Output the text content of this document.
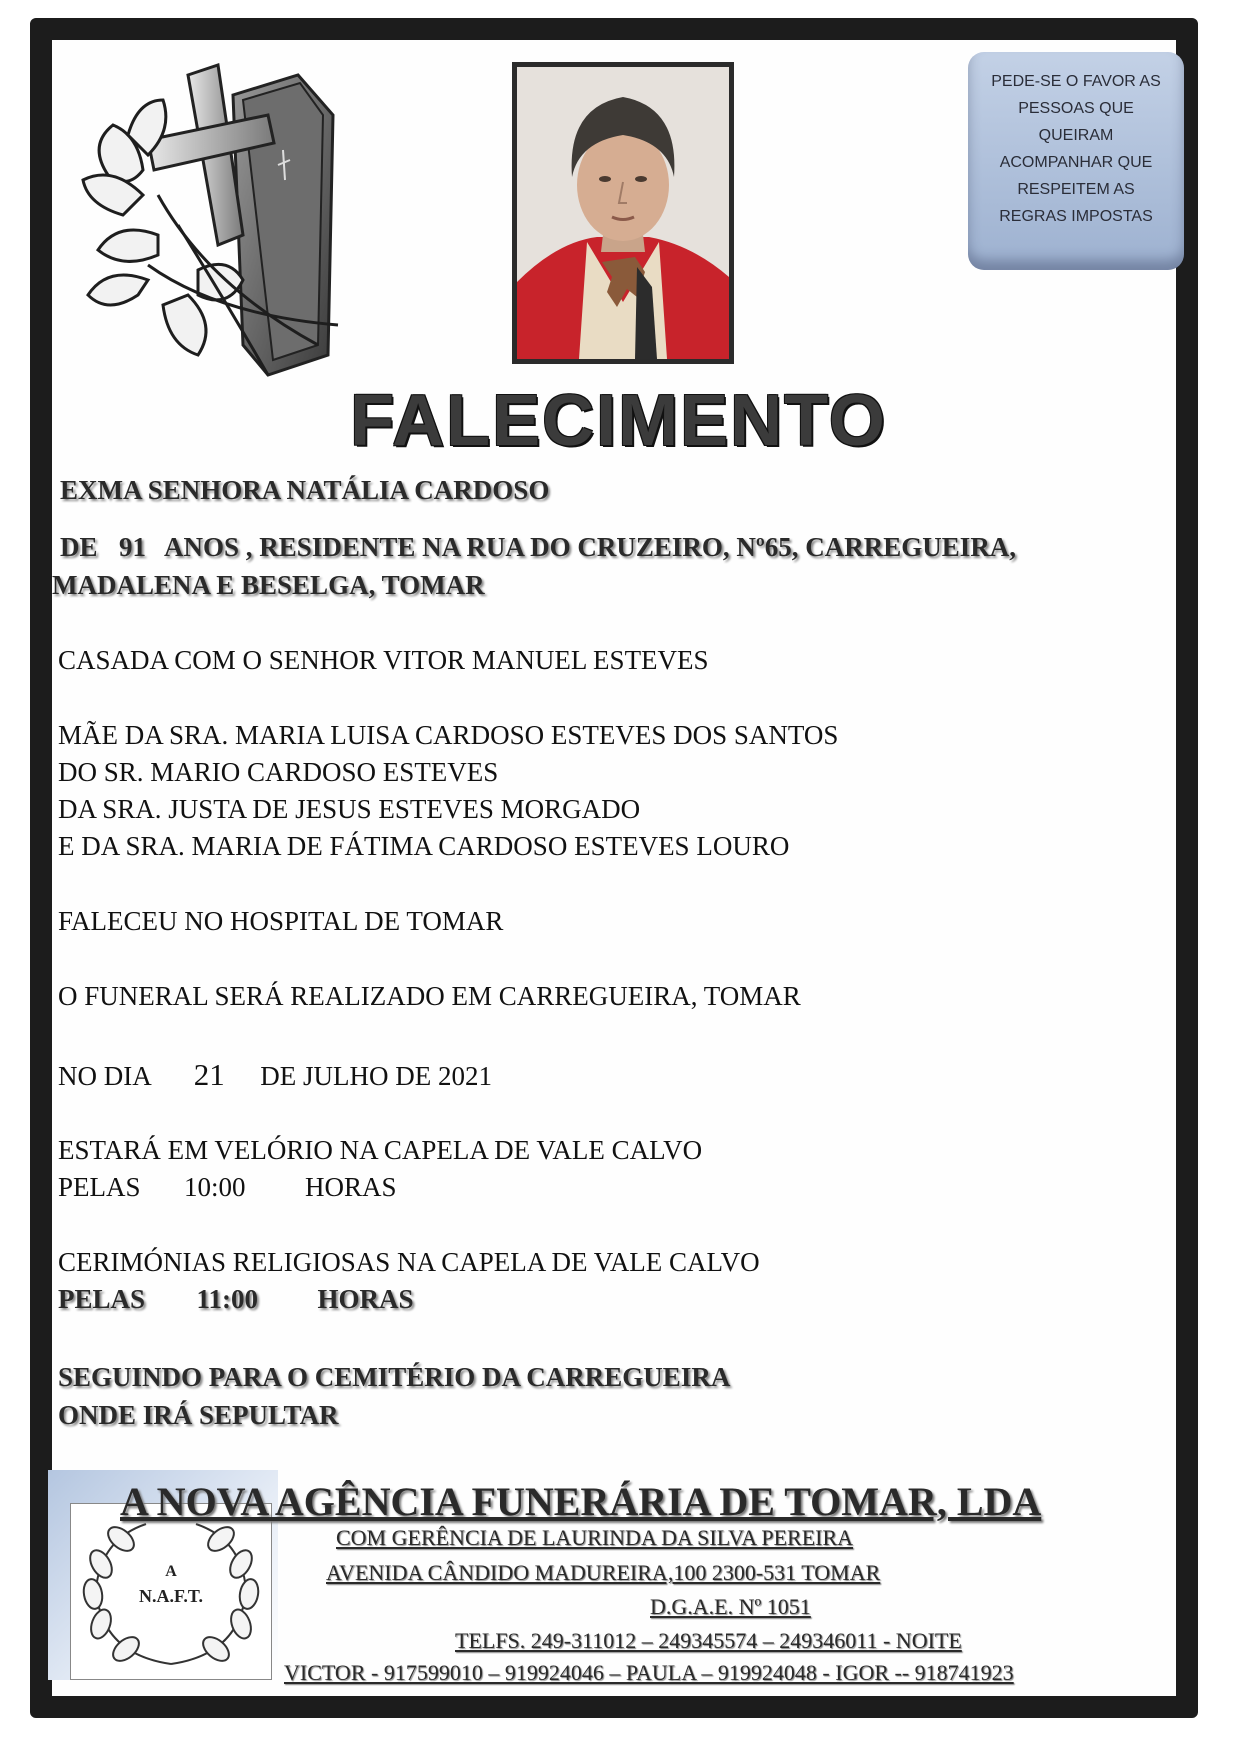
PEDE-SE O FAVOR AS
PESSOAS QUE
QUEIRAM
ACOMPANHAR QUE
RESPEITEM AS
REGRAS IMPOSTAS
FALECIMENTO
EXMA SENHORA NATÁLIA CARDOSO
DE 91 ANOS , RESIDENTE NA RUA DO CRUZEIRO, Nº65, CARREGUEIRA,
MADALENA E BESELGA, TOMAR
CASADA COM O SENHOR VITOR MANUEL ESTEVES
MÃE DA SRA. MARIA LUISA CARDOSO ESTEVES DOS SANTOS
DO SR. MARIO CARDOSO ESTEVES
DA SRA. JUSTA DE JESUS ESTEVES MORGADO
E DA SRA. MARIA DE FÁTIMA CARDOSO ESTEVES LOURO
FALECEU NO HOSPITAL DE TOMAR
O FUNERAL SERÁ REALIZADO EM CARREGUEIRA, TOMAR
NO DIA 21 DE JULHO DE 2021
ESTARÁ EM VELÓRIO NA CAPELA DE VALE CALVO
PELAS 10:00 HORAS
CERIMÓNIAS RELIGIOSAS NA CAPELA DE VALE CALVO
PELAS 11:00 HORAS
SEGUINDO PARA O CEMITÉRIO DA CARREGUEIRA
ONDE IRÁ SEPULTAR
A
N.A.F.T.
A NOVA AGÊNCIA FUNERÁRIA DE TOMAR, LDA
COM GERÊNCIA DE LAURINDA DA SILVA PEREIRA
AVENIDA CÂNDIDO MADUREIRA,100 2300-531 TOMAR
D.G.A.E. Nº 1051
TELFS. 249-311012 – 249345574 – 249346011 - NOITE
VICTOR - 917599010 – 919924046 – PAULA – 919924048 - IGOR -- 918741923
